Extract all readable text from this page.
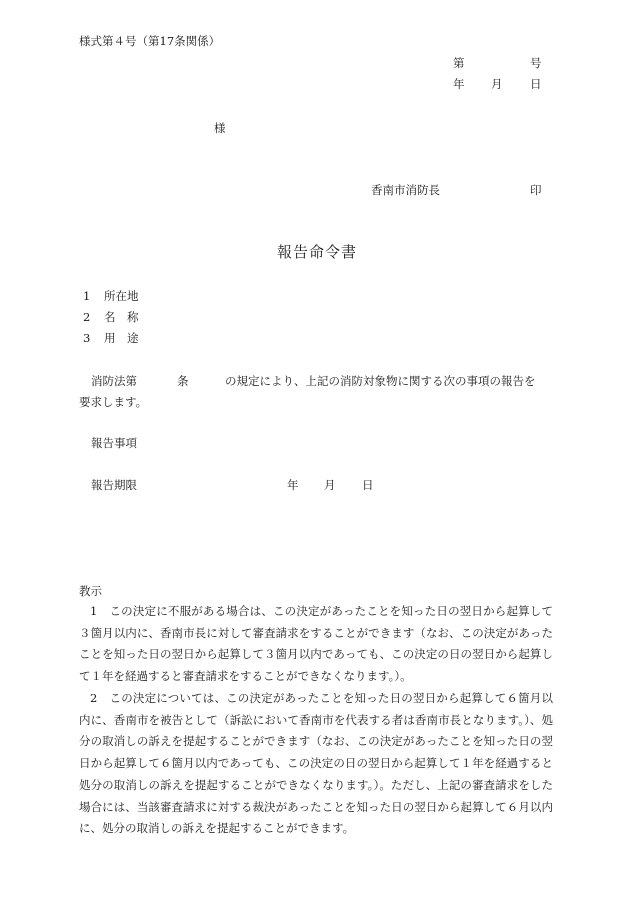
様式第４号（第17条関係）
第	号
年 月 日
様
香南市消防長	印
報告命令書
1 所在地
2 名　称
3 用　途
消防法第	条	の規定により、上記の消防対象物に関する次の事項の報告を
要求します。
報告事項
報告期限	年 月 日
教示
1 この決定に不服がある場合は、この決定があったことを知った日の翌日から起算して３箇月以内に、香南市長に対して審査請求をすることができます（なお、この決定があったことを知った日の翌日から起算して３箇月以内であっても、この決定の日の翌日から起算して１年を経過すると審査請求をすることができなくなります。）。
2 この決定については、この決定があったことを知った日の翌日から起算して６箇月以内に、香南市を被告として（訴訟において香南市を代表する者は香南市長となります。）、処分の取消しの訴えを提起することができます（なお、この決定があったことを知った日の翌日から起算して６箇月以内であっても、この決定の日の翌日から起算して１年を経過すると処分の取消しの訴えを提起することができなくなります。）。ただし、上記の審査請求をした場合には、当該審査請求に対する裁決があったことを知った日の翌日から起算して６月以内に、処分の取消しの訴えを提起することができます。
